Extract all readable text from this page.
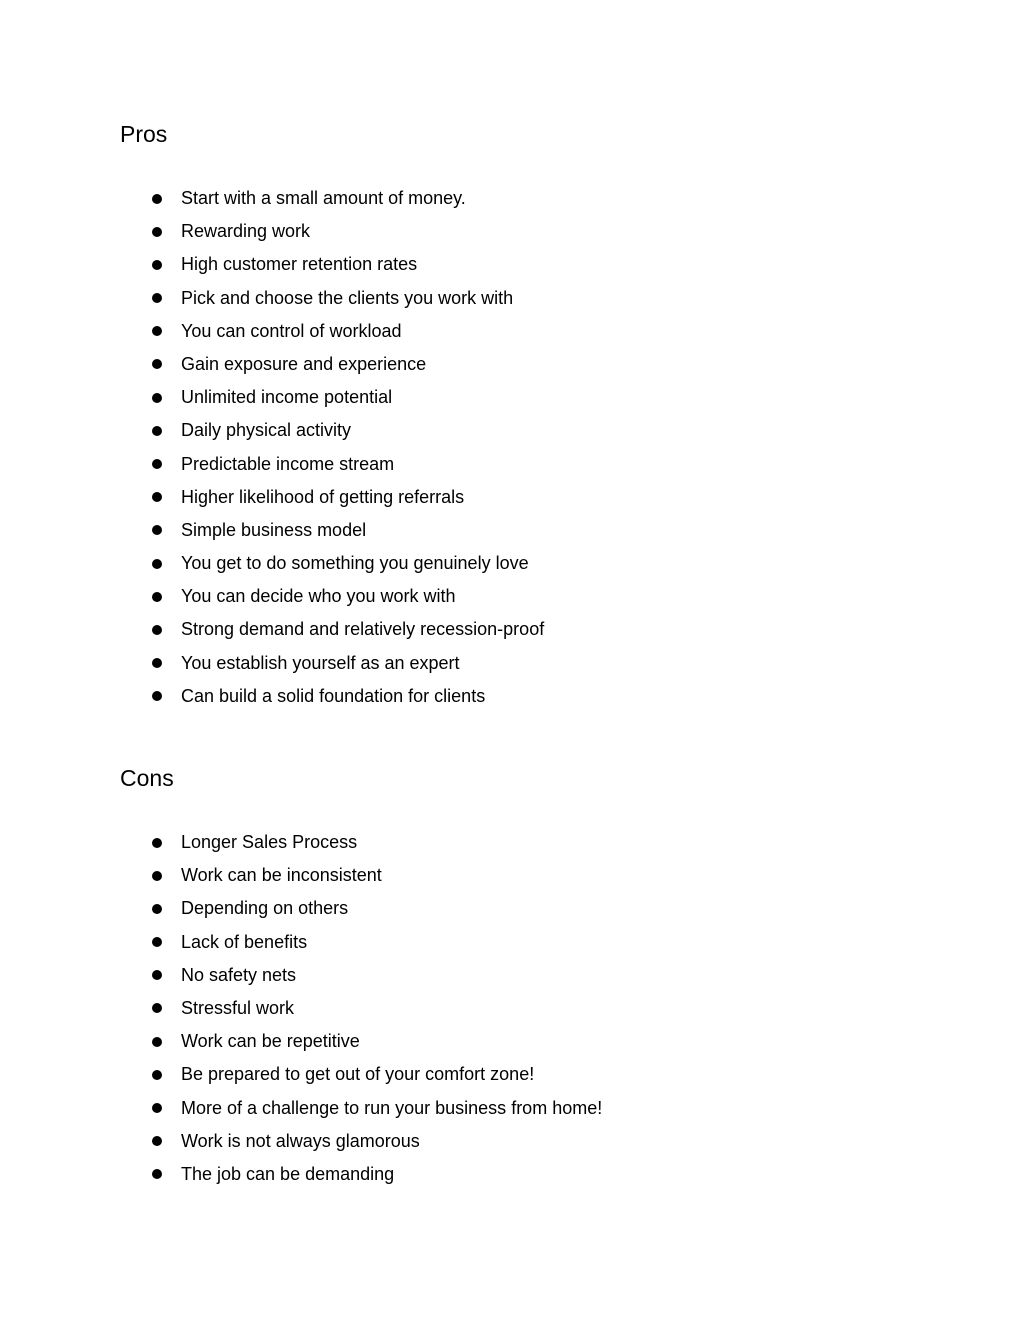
Pros
Start with a small amount of money.
Rewarding work
High customer retention rates
Pick and choose the clients you work with
You can control of workload
Gain exposure and experience
Unlimited income potential
Daily physical activity
Predictable income stream
Higher likelihood of getting referrals
Simple business model
You get to do something you genuinely love
You can decide who you work with
Strong demand and relatively recession-proof
You establish yourself as an expert
Can build a solid foundation for clients
Cons
Longer Sales Process
Work can be inconsistent
Depending on others
Lack of benefits
No safety nets
Stressful work
Work can be repetitive
Be prepared to get out of your comfort zone!
More of a challenge to run your business from home!
Work is not always glamorous
The job can be demanding
